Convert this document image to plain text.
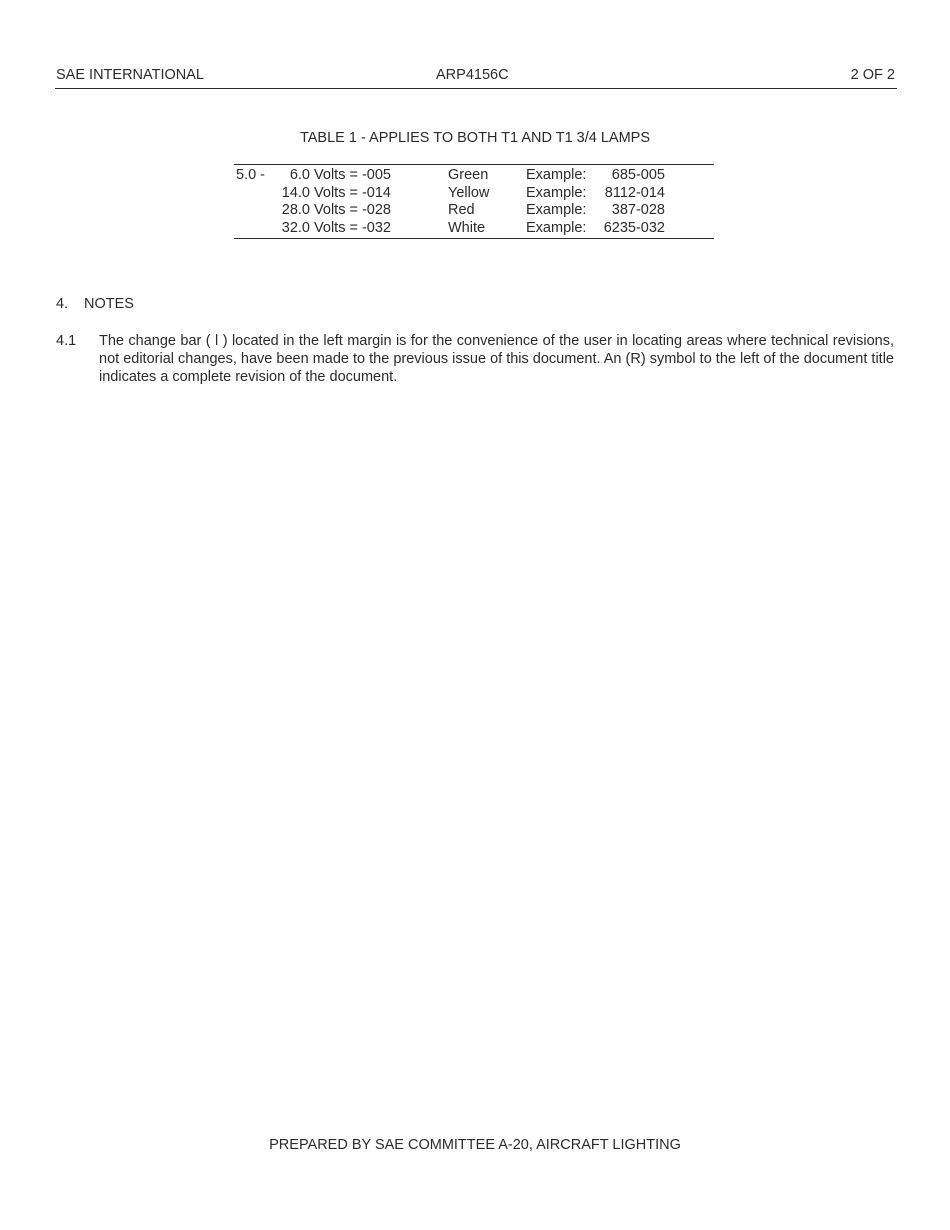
SAE INTERNATIONAL	ARP4156C	2 OF 2
TABLE 1 - APPLIES TO BOTH T1 AND T1 3/4 LAMPS
5.0 - 6.0 Volts = -005	Green	Example: 685-005
14.0 Volts = -014	Yellow	Example: 8112-014
28.0 Volts = -028	Red	Example: 387-028
32.0 Volts = -032	White	Example: 6235-032
4. NOTES
4.1 The change bar ( l ) located in the left margin is for the convenience of the user in locating areas where technical revisions, not editorial changes, have been made to the previous issue of this document. An (R) symbol to the left of the document title indicates a complete revision of the document.
PREPARED BY SAE COMMITTEE A-20, AIRCRAFT LIGHTING
